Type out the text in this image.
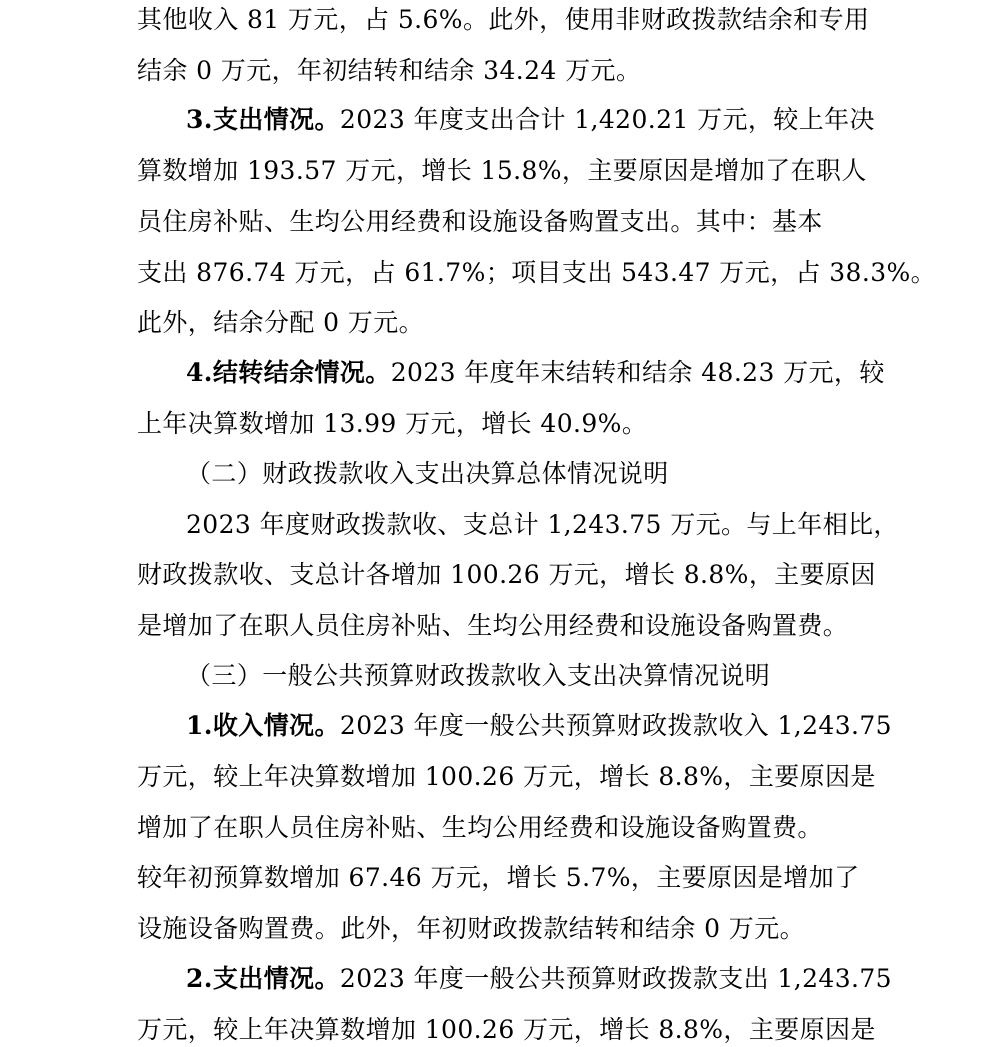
其他收入 81 万元，占 5.6%。此外，使用非财政拨款结余和专用
结余 0 万元，年初结转和结余 34.24 万元。
3.支出情况。2023 年度支出合计 1,420.21 万元，较上年决
算数增加 193.57 万元，增长 15.8%，主要原因是增加了在职人
员住房补贴、生均公用经费和设施设备购置支出。其中：基本
支出 876.74 万元，占 61.7%；项目支出 543.47 万元，占 38.3%。
此外，结余分配 0 万元。
4.结转结余情况。2023 年度年末结转和结余 48.23 万元，较
上年决算数增加 13.99 万元，增长 40.9%。
（二）财政拨款收入支出决算总体情况说明
2023 年度财政拨款收、支总计 1,243.75 万元。与上年相比，
财政拨款收、支总计各增加 100.26 万元，增长 8.8%，主要原因
是增加了在职人员住房补贴、生均公用经费和设施设备购置费。
（三）一般公共预算财政拨款收入支出决算情况说明
1.收入情况。2023 年度一般公共预算财政拨款收入 1,243.75
万元，较上年决算数增加 100.26 万元，增长 8.8%，主要原因是
增加了在职人员住房补贴、生均公用经费和设施设备购置费。
较年初预算数增加 67.46 万元，增长 5.7%，主要原因是增加了
设施设备购置费。此外，年初财政拨款结转和结余 0 万元。
2.支出情况。2023 年度一般公共预算财政拨款支出 1,243.75
万元，较上年决算数增加 100.26 万元，增长 8.8%，主要原因是
